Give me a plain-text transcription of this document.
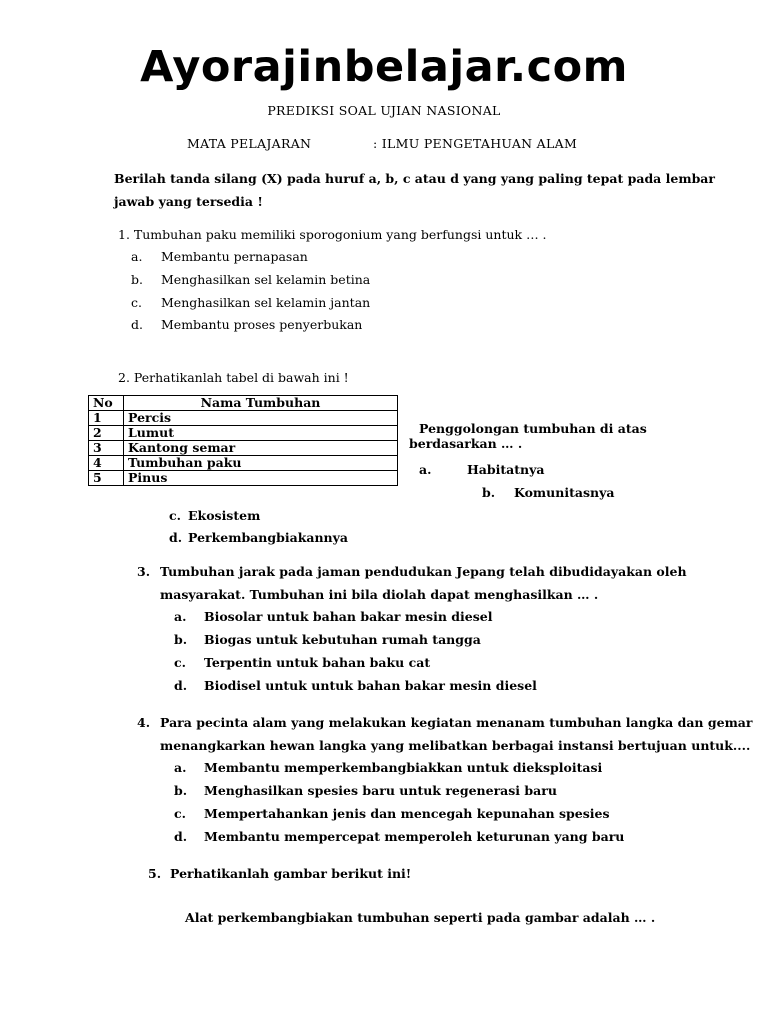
Ayorajinbelajar.com
PREDIKSI SOAL UJIAN NASIONAL
MATA PELAJARAN	: ILMU PENGETAHUAN ALAM
Berilah tanda silang (X) pada huruf a, b, c atau d yang yang paling tepat pada lembar
jawab yang tersedia !
1. Tumbuhan paku memiliki sporogonium yang berfungsi untuk … .
a. Membantu pernapasan
b. Menghasilkan sel kelamin betina
c. Menghasilkan sel kelamin jantan
d. Membantu proses penyerbukan
2. Perhatikanlah tabel di bawah ini !
No	Nama Tumbuhan
1	Percis
2	Lumut
3	Kantong semar
4	Tumbuhan paku
5	Pinus
Penggolongan tumbuhan di atas
berdasarkan … .
a.	Habitatnya
b. Komunitasnya
c. Ekosistem
d. Perkembangbiakannya
3. Tumbuhan jarak pada jaman pendudukan Jepang telah dibudidayakan oleh
masyarakat. Tumbuhan ini bila diolah dapat menghasilkan … .
a. Biosolar untuk bahan bakar mesin diesel
b. Biogas untuk kebutuhan rumah tangga
c. Terpentin untuk bahan baku cat
d. Biodisel untuk untuk bahan bakar mesin diesel
4. Para pecinta alam yang melakukan kegiatan menanam tumbuhan langka dan gemar
menangkarkan hewan langka yang melibatkan berbagai instansi bertujuan untuk....
a. Membantu memperkembangbiakkan untuk dieksploitasi
b. Menghasilkan spesies baru untuk regenerasi baru
c. Mempertahankan jenis dan mencegah kepunahan spesies
d. Membantu mempercepat memperoleh keturunan yang baru
5. Perhatikanlah gambar berikut ini!
Alat perkembangbiakan tumbuhan seperti pada gambar adalah … .
